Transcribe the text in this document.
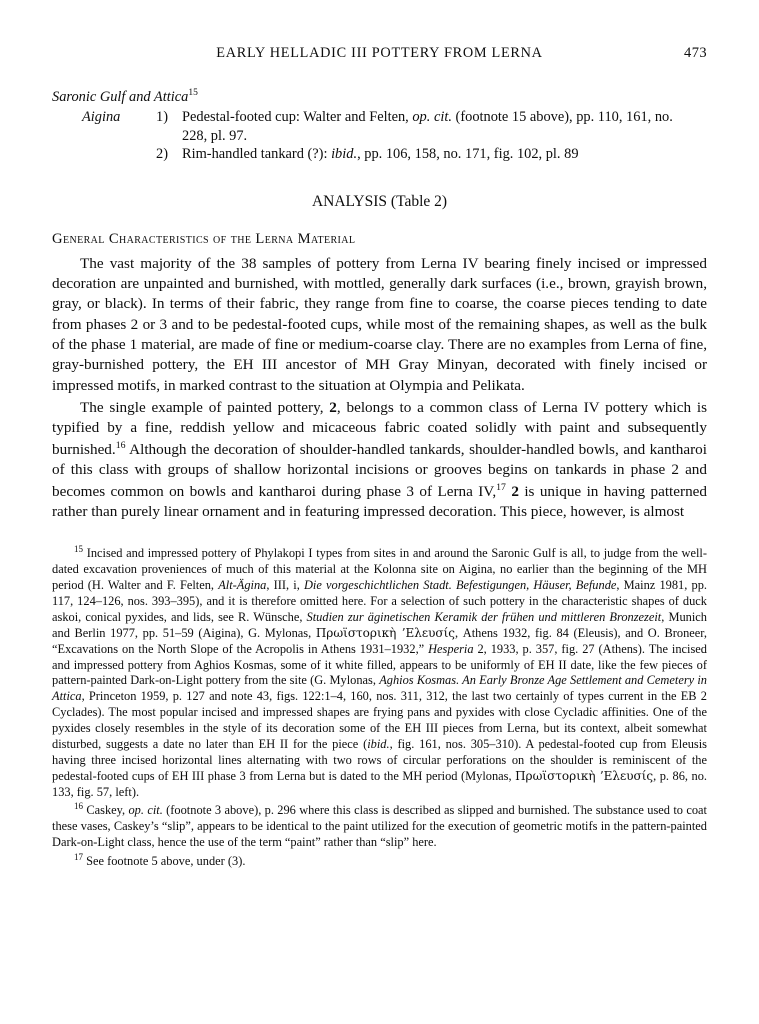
EARLY HELLADIC III POTTERY FROM LERNA	473
Saronic Gulf and Attica$^{15}$
Aigina	1) Pedestal-footed cup: Walter and Felten, op. cit. (footnote 15 above), pp. 110, 161, no.
228, pl. 97.
2) Rim-handled tankard (?): ibid., pp. 106, 158, no. 171, fig. 102, pl. 89
ANALYSIS (Table 2)
General Characteristics of the Lerna Material

The vast majority of the 38 samples of pottery from Lerna IV bearing finely incised or impressed decoration are unpainted and burnished, with mottled, generally dark surfaces (i.e., brown, grayish brown, gray, or black). In terms of their fabric, they range from fine to coarse, the coarse pieces tending to date from phases 2 or 3 and to be pedestal-footed cups, while most of the remaining shapes, as well as the bulk of the phase 1 material, are made of fine or medium-coarse clay. There are no examples from Lerna of fine, gray-burnished pottery, the EH III ancestor of MH Gray Minyan, decorated with finely incised or impressed motifs, in marked contrast to the situation at Olympia and Pelikata.

The single example of painted pottery, 2, belongs to a common class of Lerna IV pottery which is typified by a fine, reddish yellow and micaceous fabric coated solidly with paint and subsequently burnished.$^{16}$ Although the decoration of shoulder-handled tankards, shoulder-handled bowls, and kantharoi of this class with groups of shallow horizontal incisions or grooves begins on tankards in phase 2 and becomes common on bowls and kantharoi during phase 3 of Lerna IV,$^{17}$ 2 is unique in having patterned rather than purely linear ornament and in featuring impressed decoration. This piece, however, is almost

$^{15}$ Incised and impressed pottery of Phylakopi I types from sites in and around the Saronic Gulf is all, to judge from the well-dated excavation proveniences of much of this material at the Kolonna site on Aigina, no earlier than the beginning of the MH period (H. Walter and F. Felten, Alt-Ägina, III, i, Die vorgeschichtlichen Stadt. Befestigungen, Häuser, Befunde, Mainz 1981, pp. 117, 124–126, nos. 393–395), and it is therefore omitted here. For a selection of such pottery in the characteristic shapes of duck askoi, conical pyxides, and lids, see R. Wünsche, Studien zur äginetischen Keramik der frühen und mittleren Bronzezeit, Munich and Berlin 1977, pp. 51–59 (Aigina), G. Mylonas, Πρωϊστορικὴ ’Ελευσίς, Athens 1932, fig. 84 (Eleusis), and O. Broneer, “Excavations on the North Slope of the Acropolis in Athens 1931–1932,” Hesperia 2, 1933, p. 357, fig. 27 (Athens). The incised and impressed pottery from Aghios Kosmas, some of it white filled, appears to be uniformly of EH II date, like the few pieces of pattern-painted Dark-on-Light pottery from the site (G. Mylonas, Aghios Kosmas. An Early Bronze Age Settlement and Cemetery in Attica, Princeton 1959, p. 127 and note 43, figs. 122:1–4, 160, nos. 311, 312, the last two certainly of types current in the EB 2 Cyclades). The most popular incised and impressed shapes are frying pans and pyxides with close Cycladic affinities. One of the pyxides closely resembles in the style of its decoration some of the EH III pieces from Lerna, but its context, albeit somewhat disturbed, suggests a date no later than EH II for the piece (ibid., fig. 161, nos. 305–310). A pedestal-footed cup from Eleusis having three incised horizontal lines alternating with two rows of circular perforations on the shoulder is reminiscent of the pedestal-footed cups of EH III phase 3 from Lerna but is dated to the MH period (Mylonas, Πρωϊστορικὴ ’Ελευσίς, p. 86, no. 133, fig. 57, left).

$^{16}$ Caskey, op. cit. (footnote 3 above), p. 296 where this class is described as slipped and burnished. The substance used to coat these vases, Caskey’s “slip”, appears to be identical to the paint utilized for the execution of geometric motifs in the pattern-painted Dark-on-Light class, hence the use of the term “paint” rather than “slip” here.

$^{17}$ See footnote 5 above, under (3).
